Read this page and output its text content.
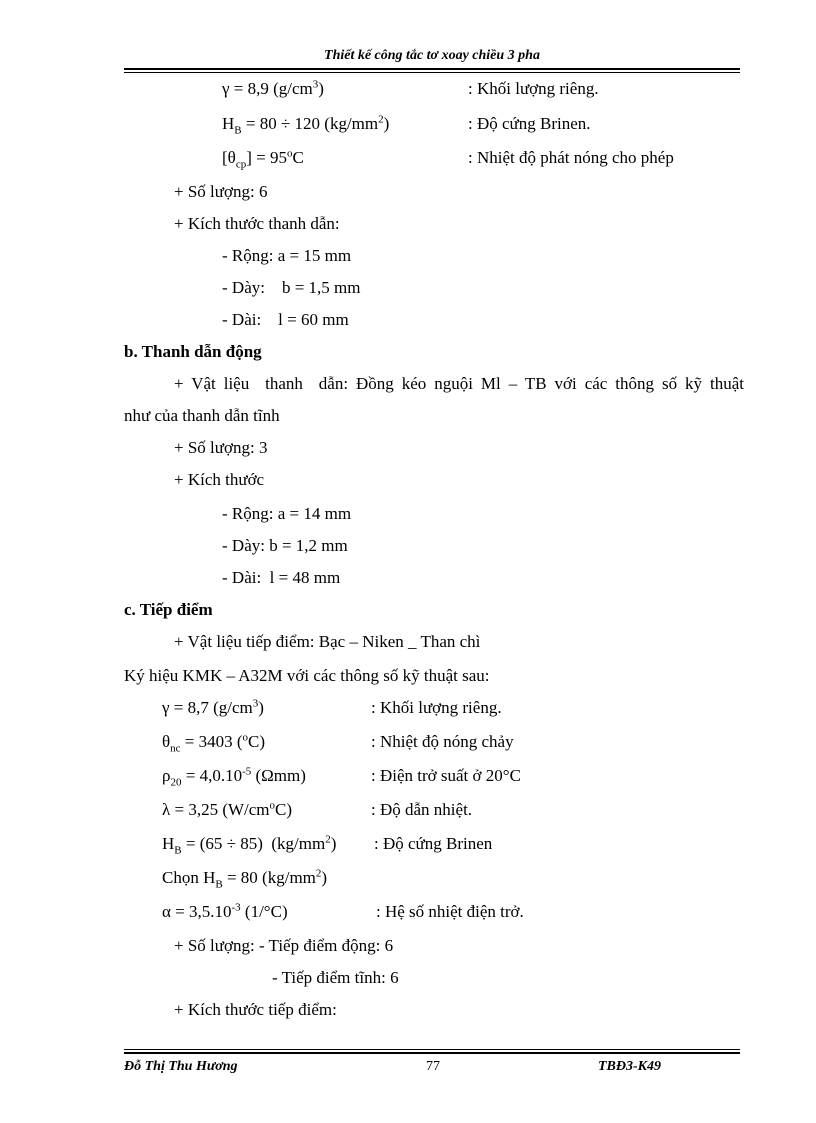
Thiết kế công tắc tơ xoay chiều 3 pha
γ = 8,9 $(g/cm^3)$	: Khối lượng riêng.
$H_B = 80 \div 120$ $(kg/mm^2)$	: Độ cứng Brinen.
$[\theta_{cp}] = 95^oC$	: Nhiệt độ phát nóng cho phép
+ Số lượng: 6
+ Kích thước thanh dẫn:
- Rộng: a = 15 mm
- Dày:    b = 1,5 mm
- Dài:    l = 60 mm
b. Thanh dẫn động
+ Vật liệu  thanh  dẫn: Đồng kéo nguội Ml – TB với các thông số kỹ thuật
như của thanh dẫn tĩnh
+ Số lượng: 3
+ Kích thước
- Rộng: a = 14 mm
- Dày: b = 1,2 mm
- Dài:  l = 48 mm
c. Tiếp điểm
+ Vật liệu tiếp điểm: Bạc – Niken _ Than chì
Ký hiệu KMK – A32M với các thông số kỹ thuật sau:
γ = 8,7 $(g/cm^3)$	: Khối lượng riêng.
$\theta_{nc} = 3403$ ($^o$C)	: Nhiệt độ nóng chảy
$\rho_{20} = 4,0.10^{-5}$ (Ωmm)	: Điện trở suất ở 20°C
λ = 3,25 $(W/cm^oC)$	: Độ dẫn nhiệt.
$H_B = (65 \div 85)$  $(kg/mm^2)$ : Độ cứng Brinen
Chọn $H_B = 80$ $(kg/mm^2)$
$\alpha = 3,5.10^{-3}$ (1/°C)	: Hệ số nhiệt điện trở.
+ Số lượng: - Tiếp điểm động: 6
- Tiếp điểm tĩnh: 6
+ Kích thước tiếp điểm:
Đỗ Thị Thu Hương	77	TBĐ3-K49
